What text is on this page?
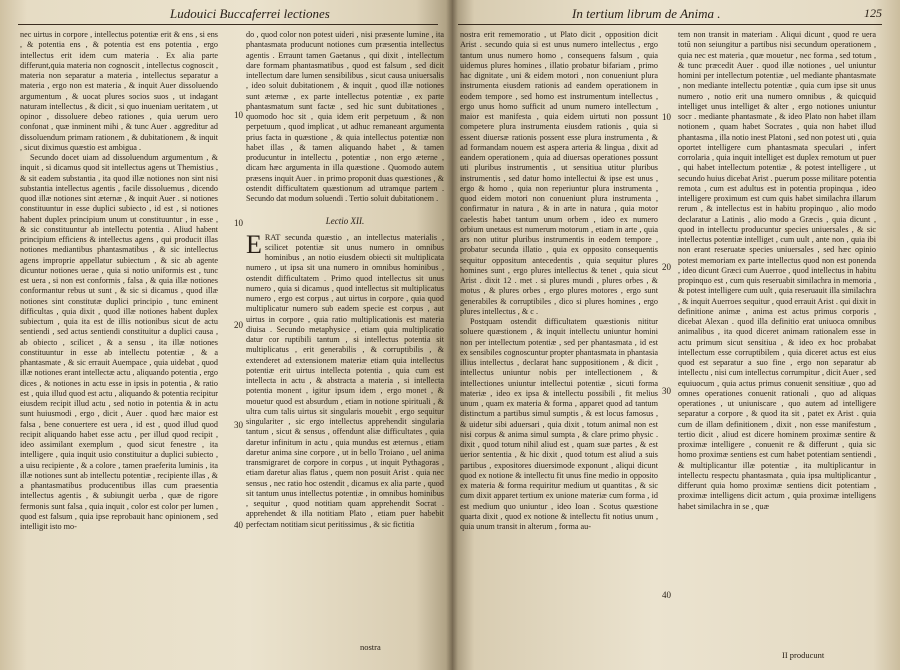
Ludouici Buccaferrei lectiones

nec uirtus in corpore , intellectus potentiæ erit & ens , si ens , & potentia ens , & potentia est ens potentia , ergo intellectus erit idem cum materia . Ex alia parte differunt,quia materia non cognoscit , intellectus cognoscit , materia non separatur a materia , intellectus separatur a materia , ergo non est materia , & inquit Auer dissoluendo argumentum , & uocat plures socios suos , ut indagant naturam intellectus , & dicit , si quo inueniam ueritatem , ut opinor , dissoluere debeo rationes , quia uerum uero confonat , quæ inminent mihi , & tunc Auer . aggreditur ad dissoluendum primam rationem , & dubitationem , & inquit , sicut diximus quæstio est ambigua .

Secundo docet uiam ad dissoluendum argumentum , & inquit , si dicamus quod sit intellectus agens ut Themistius , & sit eadem substantia , ita quod illæ notiones non sint nisi substantia intellectus agentis , facile dissoluemus , dicendo quod illæ notiones sint æternæ , & inquit Auer . si notiones constituuntur in esse duplici subiecto , id est , si notiones habent duplex principium unum ut constituuntur , in esse , & sic constituuntur ab intellectu potentia . Aliud habent principium efficiens & intellectus agens , qui producit illas notiones mediantibus phantasmatibus , & sic intellectus agens improprie appellatur subiectum , & sic ab agente dicuntur notiones uerae , quia si notio uniformis est , tunc est uera , si non est conformis , falsa , & quia illæ notiones conformantur rebus ut sunt , & sic si dicamus , quod illæ notiones sint constitutæ duplici principio , tunc eminent difficultas , quia dixit , quod illæ notiones habent duplex subiectum , quia ita est de illis notionibus sicut de actu sentiendi , sed actus sentiendi constituitur a duplici causa , ab obiecto , scilicet , & a sensu , ita illæ notiones constituuntur in esse ab intellectu potentiæ , & a phantasmate , & sic errauit Auempace , quia uidebat , quod illæ notiones erant intellectæ actu , aliquando potentia , ergo dices , & notiones in actu esse in ipsis in potentia , & ratio est , quia illud quod est actu , aliquando & potentia recipitur eiusdem recipit illud actu , sed notio in potentia & in actu sunt huiusmodi , ergo , dicit , Auer . quod hæc maior est falsa , bene conuertere est uera , id est , quod illud quod recipit aliquando habet esse actu , per illud quod recipit , ideo assimilant exemplum , quod sicut fenestre , ita intelligere , quia inquit usio constituitur a duplici subiecto , a uisu recipiente , & a colore , tamen praeferita luminis , ita illæ notiones sunt ab intellectu potentiæ , recipiente illas , & a phantasmatibus producentibus illas cum praesentia intellectus agentis , & subiungit uerba , quæ de rigore fermonis sunt falsa , quia inquit , color est color per lumen , quod est falsum , quia ipse reprobauit hanc opinionem , sed intelligit isto mo-

do , quod color non potest uideri , nisi præsente lumine , ita phantasmata producunt notiones cum præsentia intellectus agentis . Erraunt tamen Gaetanus , qui dixit , intellectum dare formam phantasmatibus , quod est falsum , sed dicit intellectum dare lumen sensibilibus , sicut causa uniuersalis , ideo soluit dubitationem , & inquit , quod illæ notiones sunt æternæ , ex parte intellectus potentiæ , ex parte phantasmatum sunt factæ , sed hic sunt dubitationes , quomodo hoc sit , quia idem erit perpetuum , & non perpetuum , quod implicat , ut adhuc remaneant argumenta prius facta in quæstione , & quia intellectus potentiæ non habet illas , & tamen aliquando habet , & tamen producuntur in intellectu , potentiæ , non ergo æterne , dicam hæc argumenta in illa quæstione . Quomodo autem præsens inquit Auer . in primo proponit duas quæstiones , & ostendit difficultatem quæstionum ad utramque partem . Secundo dat modum soluendi . Tertio soluit dubitationem .

Lectio XII.

ERAT secunda quæstio , an intellectus materialis , scilicet potentiæ sit unus numero in omnibus hominibus , an notio eiusdem obiecti sit multiplicata numero , ut ipsa sit una numero in omnibus hominibus , ostendit difficultatem . Primo quod intellectus sit unus numero , quia si dicamus , quod intellectus sit multiplicatus numero , ergo est corpus , aut uirtus in corpore , quia quod multiplicatur numero sub eadem specie est corpus , aut uirtus in corpore , quia ratio multiplicationis est materia diuisa . Secundo metaphysice , etiam quia multiplicatio datur cor ruptibili tantum , si intellectus potentia sit multiplicatus , erit generabilis , & corruptibilis , & extenderet ad extensionem materiæ etiam quia intellectus potentiæ erit uirtus intellecta potentia , quia cum est intellecta in actu , & abstracta a materia , si intellecta potentia monent , igitur ipsum idem , ergo monet , & mouetur quod est absurdum , etiam in notione spirituali , & ultra cum talis uirtus sit singularis mouebit , ergo sequitur singulariter , sic ergo intellectus apprehendit singularia tantum , sicut & sensus , offendunt aliæ difficultates , quia daretur infinitum in actu , quia mundus est æternus , etiam daretur anima sine corpore , ut in bello Troiano , uel anima transmigraret de corpore in corpus , ut inquit Pythagoras , etiam daretur alias flatus , quem non posuit Arist . quia nec sensus , nec ratio hoc ostendit , dicamus ex alia parte , quod sit tantum unus intellectus potentiæ , in omnibus hominibus , sequitur , quod notitiam quam apprehendit Socrat . apprehendet & illa notitiam Plato , etiam puer habebit perfectam notitiam sicut peritissimus , & sic fictitia

10
10
20
30
40
nostra
In tertium librum de Anima .	125

nostra erit rememoratio , ut Plato dicit , opposition dicit Arist . secundo quia si est unus numero intellectus , ergo tantum unus numero homo , consequens falsum , quia uidemus plures homines , illatio probatur bifariam , primo hac dignitate , uni & eidem motori , non conueniunt plura instrumenta eiusdem rationis ad eandem operationem in eodem tempore , sed homo est instrumentum intellectus , ergo unus homo sufficit ad unum numero intellectum , maior est manifesta , quia eidem uirtuti non possunt competere plura instrumenta eiusdem rationis , quia si essent diuersæ rationis possent esse plura instrumenta , & ad formandam nouem est aspera arteria & lingua , dixit ad eandem operationem , quia ad diuersas operationes possunt uti pluribus instrumentis , ut sensitiua utitur pluribus instrumentis , sed datur homo intellectui & ipse est unus , ergo & homo , quia non reperiuntur plura instrumenta , quod eidem motori non conueniunt plura instrumenta , confirmatur in natura , & in arte in natura , quia motor caelestis habet tantum unum orbem , ideo ex numero orbium unetaus est numerum motorum , etiam in arte , quia ars non utitur pluribus instrumentis in eodem tempore , probatur secunda illatio , quia ex opposito consequentis sequitur oppositum antecedentis , quia sequitur plures homines sunt , ergo plures intellectus & tenet , quia sicut Arist . dixit 12 . met . si plures mundi , plures orbes , & motus , & plures orbes , ergo plures motores , ergo sunt generabiles & corruptibiles , dico si plures homines , ergo plures intellectus , & c .

Postquam ostendit difficultatem quæstionis nititur soluere quæstionem , & inquit intellectu uniuntur homini non per intellectum potentiæ , sed per phantasmata , id est ex sensibiles cognoscuntur propter phantasmata in phantasia illius intellectus , declarat hanc suppositionem , & dicit , intellectus uniuntur nobis per intellectionem , & intellectiones uniuntur intellectui potentiæ , sicuti forma materiæ , ideo ex ipsa & intellectu possibili , fit melius unum , quam ex materia & forma , apparet quod ad tantum distinctum a partibus simul sumptis , & est locus famosus , & uidetur sibi aduersari , quia dixit , totum animal non est nisi corpus & anima simul sumpta , & clare primo physic . dixit , quod totum nihil aliud est , quam suæ partes , & est uerior sententia , & hic dixit , quod totum est aliud a suis partibus , expositores diuersimode exponunt , aliqui dicunt quod ex notione & intellectu fit unus fine medio in opposito ex materia & forma requiritur medium ut quantitas , & sic cum dixit apparet tertium ex unione materiæ cum forma , id est medium quo uniuntur , ideo Ioan . Scotus quæstione quarta dixit , quod ex notione & intellectu fit notius unum , quia unum transit in alterum , forma au-

tem non transit in materiam . Aliqui dicunt , quod re uera totū non seiungitur a partibus nisi secundum operationem , quia nec est materia , quæ mouetur , nec forma , sed totum , & tunc præcedit Auer . quod illæ notiones , uel uniuntur homini per intellectum potentiæ , uel mediante phantasmate , non mediante intellectu potentiæ , quia cum ipse sit unus numero , notio erit una numero omnibus , & quicquid intelliget unus intelliget & alter , ergo notiones uniuntur socr . mediante phantasmate , & ideo Plato non habet illam notionem , quam habet Socrates , quia non habet illud phantasma , illa notio inest Platoni , sed non potest uti , quia oportet intelligere cum phantasmata speculari , infert corrolaria , quia inquit intelliget est duplex remotum ut puer , qui habet intellectum potentiæ , & potest intelligere , ut secundo huius dicebat Arist . puerum posse militare potentia remota , cum est adultus est in potentia propinqua , ideo intelligere proximum est cum quis habet similachra illarum rerum , & intellectus est in habitu propinquo , alio modo declaratur a Latinis , alio modo a Græcis , quia dicunt , quod in intellectu producuntur species uniuersales , & sic intellectus potentiæ intelliget , cum uult , ante non , quia ibi non erant reseruatæ species uniuersales , sed hæc opinio potest memoriam ex parte intellectus quod non est ponenda , ideo dicunt Græci cum Auerroe , quod intellectus in habitu propinquo est , cum quis reseruabit similachra in memoria , & potest intelligere cum uult , quia reseruauit illa similachra , & inquit Auerroes sequitur , quod errauit Arist . qui dixit in definitione animæ , anima est actus primus corporis , dicebat Alexan . quod illa definitio erat uniuoca omnibus animalibus , ita quod diceret animam rationalem esse in actu primum sicut sensitiua , & ideo ex hoc probabat intellectum esse corruptibilem , quia diceret actus est eius quod est separatur a suo fine , ergo non separatur ab intellectu , nisi cum intellectus corrumpitur , dicit Auer , sed equiuocum , quia actus primus conuenit sensitiuæ , quo ad omnes operationes conuenit rationali , quo ad aliquas operationes , ut uniuniscare , quo autem ad intelligere separatur a corpore , & quod ita sit , patet ex Arist . quia cum de illam definitionem , dixit , non esse manifestum , tertio dicit , aliud est dicere hominem proximæ sentire & proximæ intelligere , conuenit re & differunt , quia sic homo proximæ sentiens est cum habet potentiam sentiendi , & multiplicantur illæ potentiæ , ita multiplicantur in intellectu respectu phantasmata , quia ipsa multiplicantur , differunt quia homo proximæ sentiens dicit potentiam , proximæ intelligens dicit actum , quia proximæ intelligens habet similachra in se , quæ

10
20
30
40
II producunt
